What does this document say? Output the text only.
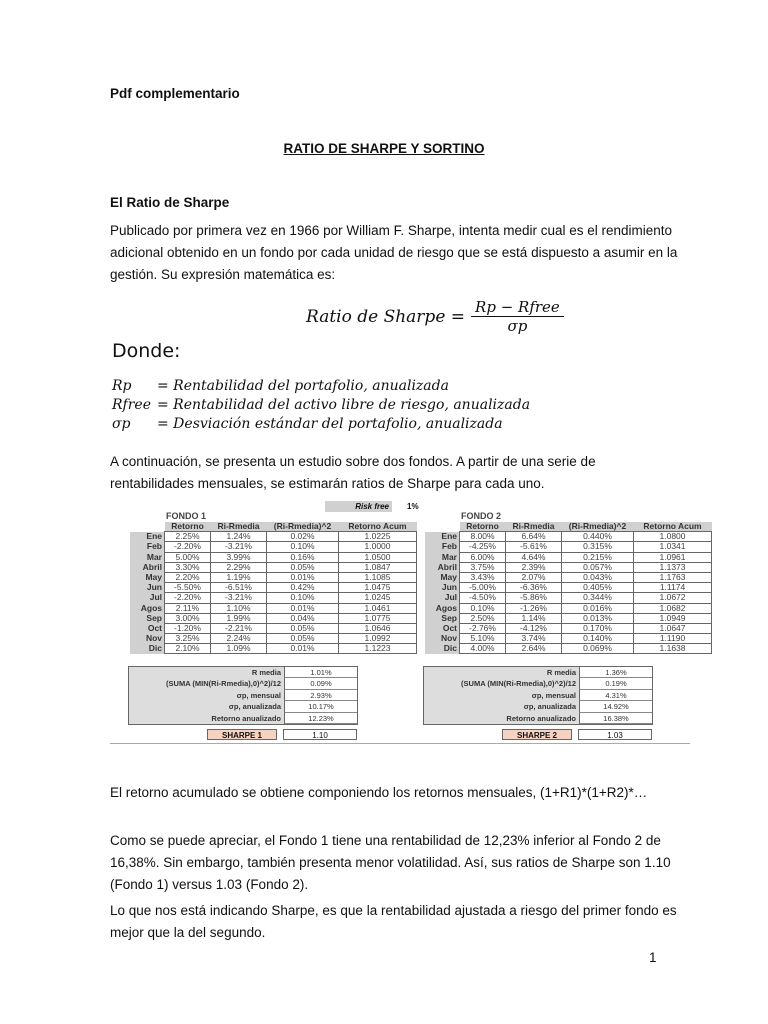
Pdf complementario
RATIO DE SHARPE Y SORTINO
El Ratio de Sharpe
Publicado por primera vez en 1966 por William F. Sharpe, intenta medir cual es el rendimiento
adicional obtenido en un fondo por cada unidad de riesgo que se está dispuesto a asumir en la
gestión. Su expresión matemática es:
Ratio de Sharpe = Rp − Rfree
σp
Donde:
Rp	= Rentabilidad del portafolio, anualizada
Rfree = Rentabilidad del activo libre de riesgo, anualizada
σp	= Desviación estándar del portafolio, anualizada
A continuación, se presenta un estudio sobre dos fondos. A partir de una serie de
rentabilidades mensuales, se estimarán ratios de Sharpe para cada uno.
Risk free	1%
FONDO 1				
	Retorno	Ri-Rmedia	(Ri-Rmedia)^2	Retorno Acum
Ene	2.25%	1.24%	0.02%	1.0225
Feb	-2.20%	-3.21%	0.10%	1.0000
Mar	5.00%	3.99%	0.16%	1.0500
Abril	3.30%	2.29%	0.05%	1.0847
May	2.20%	1.19%	0.01%	1.1085
Jun	-5.50%	-6.51%	0.42%	1.0475
Jul	-2.20%	-3.21%	0.10%	1.0245
Agos	2.11%	1.10%	0.01%	1.0461
Sep	3.00%	1.99%	0.04%	1.0775
Oct	-1.20%	-2.21%	0.05%	1.0646
Nov	3.25%	2.24%	0.05%	1.0992
Dic	2.10%	1.09%	0.01%	1.1223
R media	1.01%
(SUMA (MIN(Ri-Rmedia),0)^2)/12	0.09%
σp, mensual	2.93%
σp, anualizada	10.17%
Retorno anualizado	12.23%
SHARPE 1	1.10
FONDO 2				
	Retorno	Ri-Rmedia	(Ri-Rmedia)^2	Retorno Acum
Ene	8.00%	6.64%	0.440%	1.0800
Feb	-4.25%	-5.61%	0.315%	1.0341
Mar	6.00%	4.64%	0.215%	1.0961
Abril	3.75%	2.39%	0.057%	1.1373
May	3.43%	2.07%	0.043%	1.1763
Jun	-5.00%	-6.36%	0.405%	1.1174
Jul	-4.50%	-5.86%	0.344%	1.0672
Agos	0.10%	-1.26%	0.016%	1.0682
Sep	2.50%	1.14%	0.013%	1.0949
Oct	-2.76%	-4.12%	0.170%	1.0647
Nov	5.10%	3.74%	0.140%	1.1190
Dic	4.00%	2.64%	0.069%	1.1638
R media	1.36%
(SUMA (MIN(Ri-Rmedia),0)^2)/12	0.19%
σp, mensual	4.31%
σp, anualizada	14.92%
Retorno anualizado	16.38%
SHARPE 2	1.03
El retorno acumulado se obtiene componiendo los retornos mensuales, (1+R1)*(1+R2)*…
Como se puede apreciar, el Fondo 1 tiene una rentabilidad de 12,23% inferior al Fondo 2 de
16,38%. Sin embargo, también presenta menor volatilidad. Así, sus ratios de Sharpe son 1.10
(Fondo 1) versus 1.03 (Fondo 2).
Lo que nos está indicando Sharpe, es que la rentabilidad ajustada a riesgo del primer fondo es
mejor que la del segundo.
1
